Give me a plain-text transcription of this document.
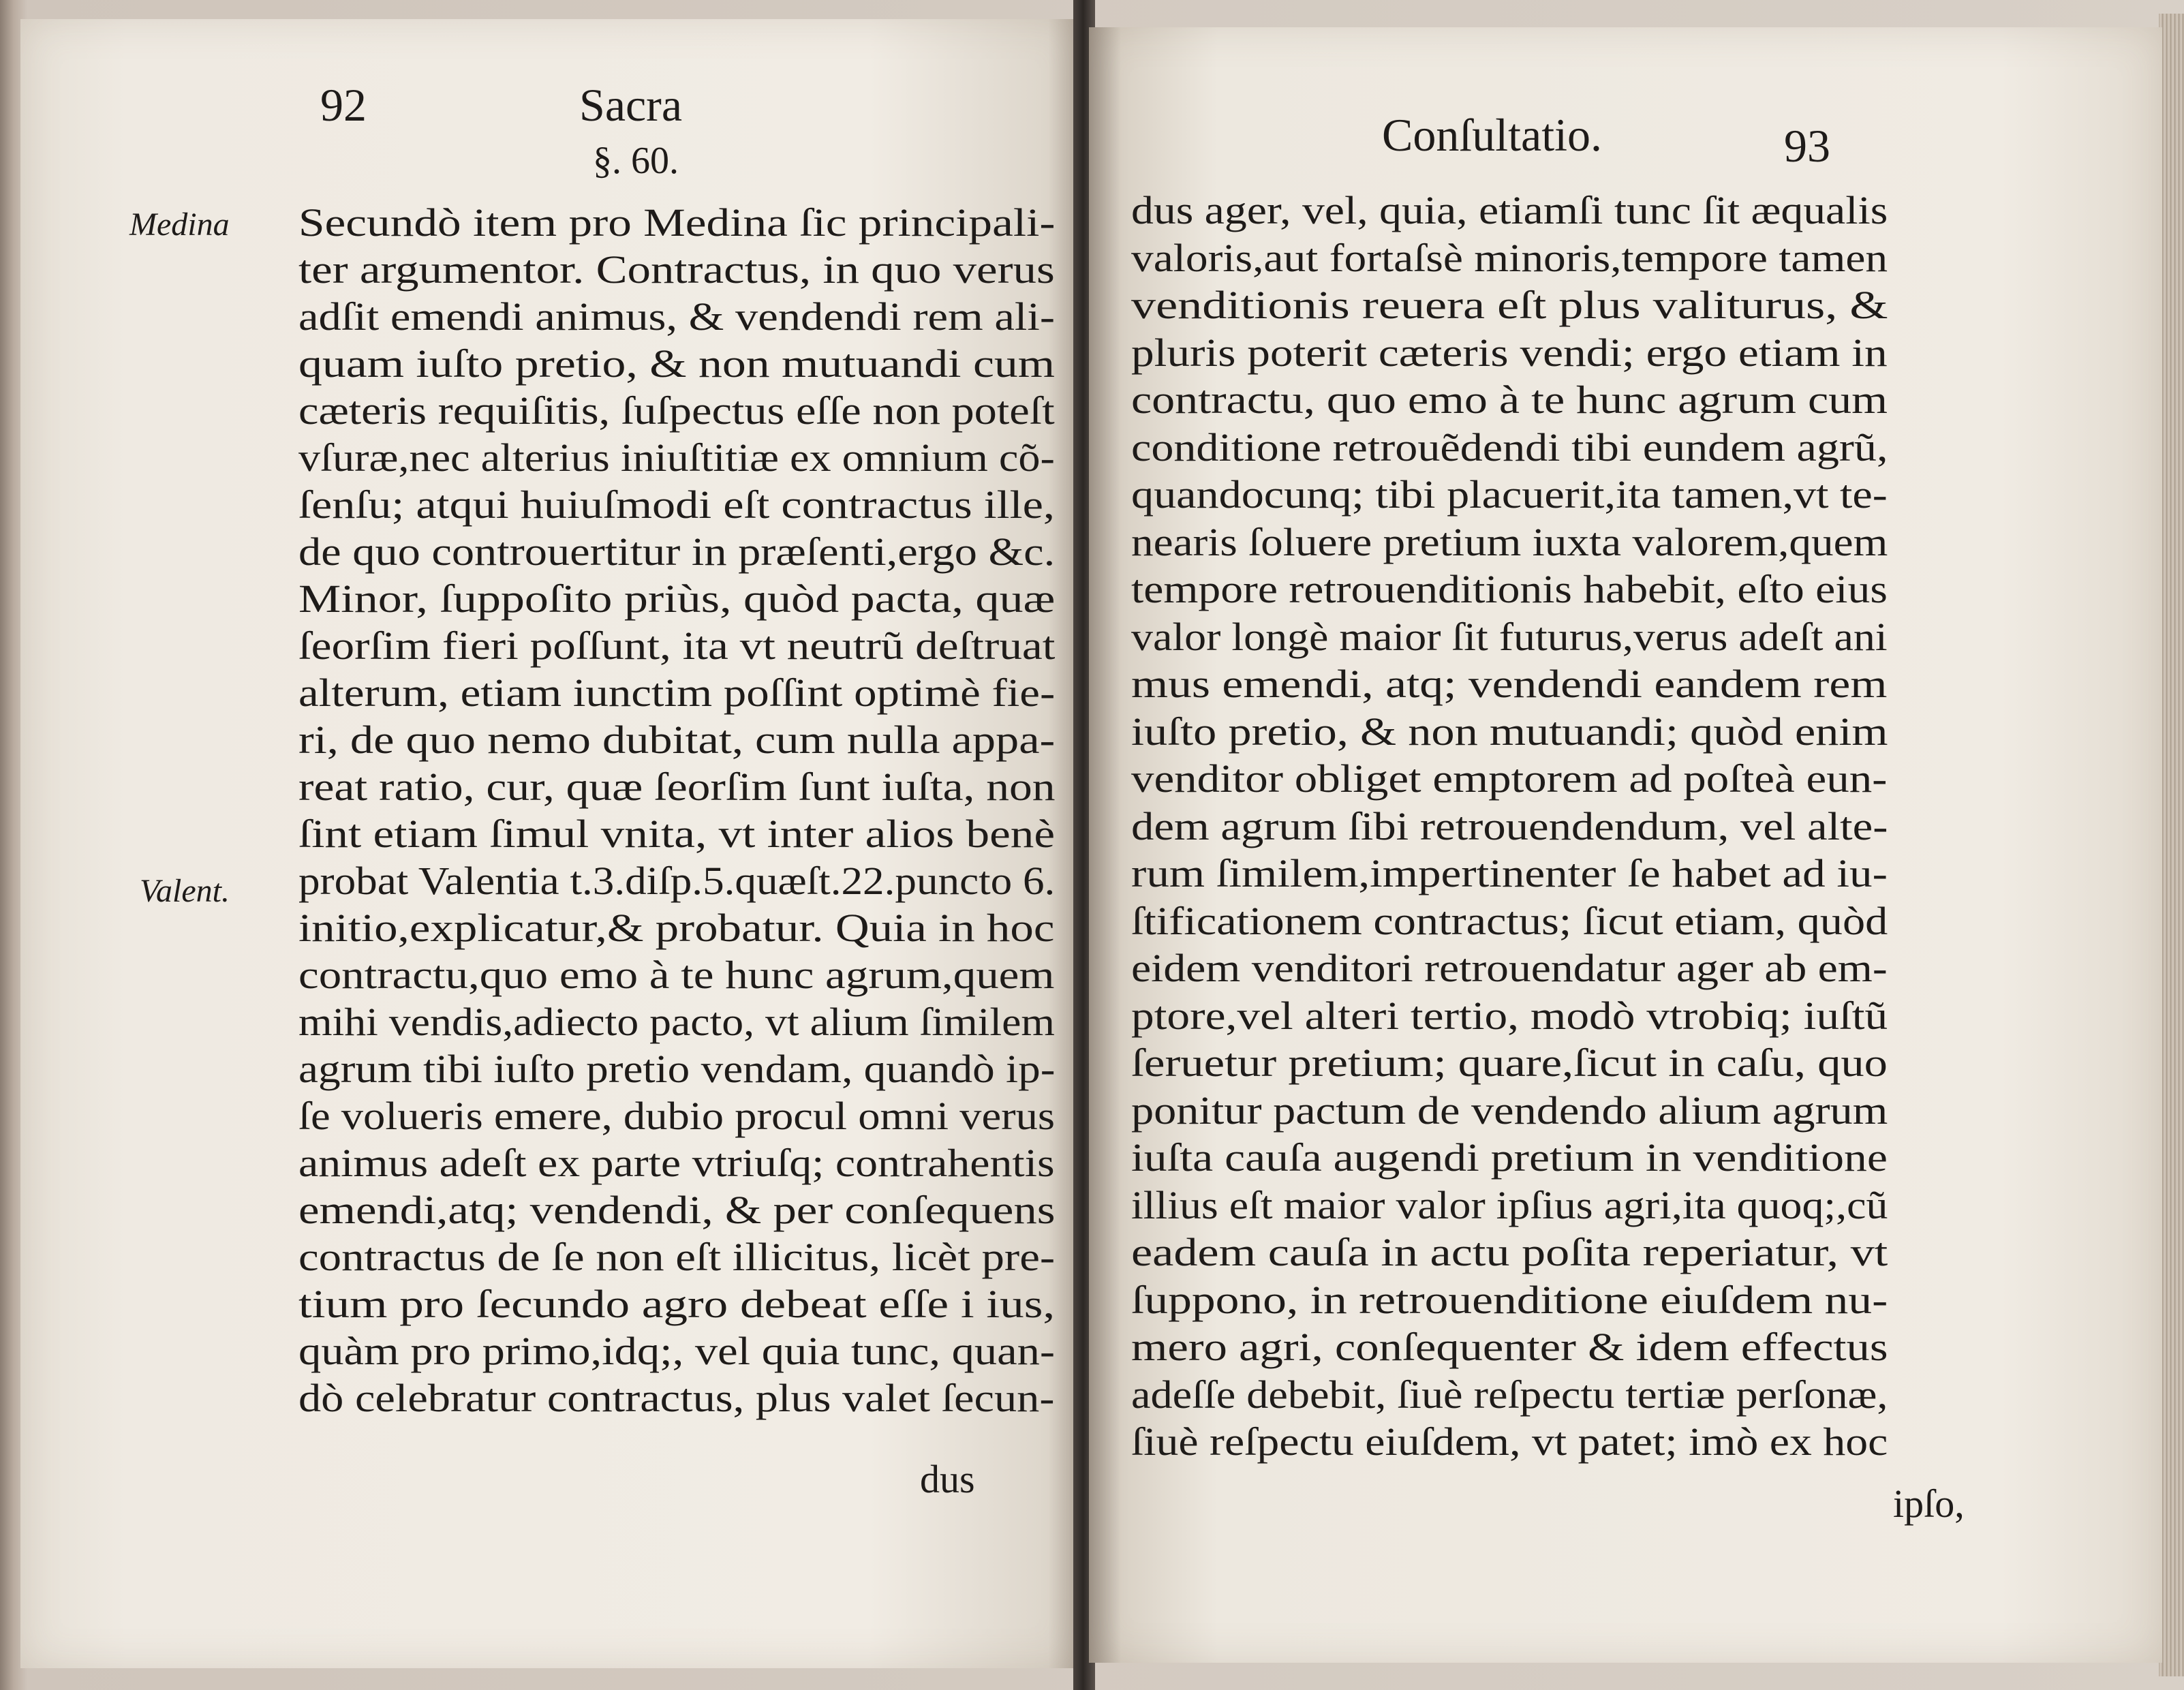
92	Sacra
§. 60.
Medina
Valent.
Secundò item pro Medina ſic principali-
ter argumentor. Contractus, in quo verus
adſit emendi animus, & vendendi rem ali-
quam iuſto pretio, & non mutuandi cum
cæteris requiſitis, ſuſpectus eſſe non poteſt
vſuræ,nec alterius iniuſtitiæ ex omnium cõ-
ſenſu; atqui huiuſmodi eſt contractus ille,
de quo controuertitur in præſenti,ergo &c.
Minor, ſuppoſito priùs, quòd pacta, quæ
ſeorſim fieri poſſunt, ita vt neutrũ deſtruat
alterum, etiam iunctim poſſint optimè fie-
ri, de quo nemo dubitat, cum nulla appa-
reat ratio, cur, quæ ſeorſim ſunt iuſta, non
ſint etiam ſimul vnita, vt inter alios benè
probat Valentia t.3.diſp.5.quæſt.22.puncto 6.
initio,explicatur,& probatur. Quia in hoc
contractu,quo emo à te hunc agrum,quem
mihi vendis,adiecto pacto, vt alium ſimilem
agrum tibi iuſto pretio vendam, quandò ip-
ſe volueris emere, dubio procul omni verus
animus adeſt ex parte vtriuſq; contrahentis
emendi,atq; vendendi, & per conſequens
contractus de ſe non eſt illicitus, licèt pre-
tium pro ſecundo agro debeat eſſe i ius,
quàm pro primo,idq;, vel quia tunc, quan-
dò celebratur contractus, plus valet ſecun-
dus
Conſultatio.	93
dus ager, vel, quia, etiamſi tunc ſit æqualis
valoris,aut fortaſsè minoris,tempore tamen
venditionis reuera eſt plus valiturus, &
pluris poterit cæteris vendi; ergo etiam in
contractu, quo emo à te hunc agrum cum
conditione retrouẽdendi tibi eundem agrũ,
quandocunq; tibi placuerit,ita tamen,vt te-
nearis ſoluere pretium iuxta valorem,quem
tempore retrouenditionis habebit, eſto eius
valor longè maior ſit futurus,verus adeſt ani
mus emendi, atq; vendendi eandem rem
iuſto pretio, & non mutuandi; quòd enim
venditor obliget emptorem ad poſteà eun-
dem agrum ſibi retrouendendum, vel alte-
rum ſimilem,impertinenter ſe habet ad iu-
ſtificationem contractus; ſicut etiam, quòd
eidem venditori retrouendatur ager ab em-
ptore,vel alteri tertio, modò vtrobiq; iuſtũ
ſeruetur pretium; quare,ſicut in caſu, quo
ponitur pactum de vendendo alium agrum
iuſta cauſa augendi pretium in venditione
illius eſt maior valor ipſius agri,ita quoq;,cũ
eadem cauſa in actu poſita reperiatur, vt
ſuppono, in retrouenditione eiuſdem nu-
mero agri, conſequenter & idem effectus
adeſſe debebit, ſiuè reſpectu tertiæ perſonæ,
ſiuè reſpectu eiuſdem, vt patet; imò ex hoc
ipſo,
